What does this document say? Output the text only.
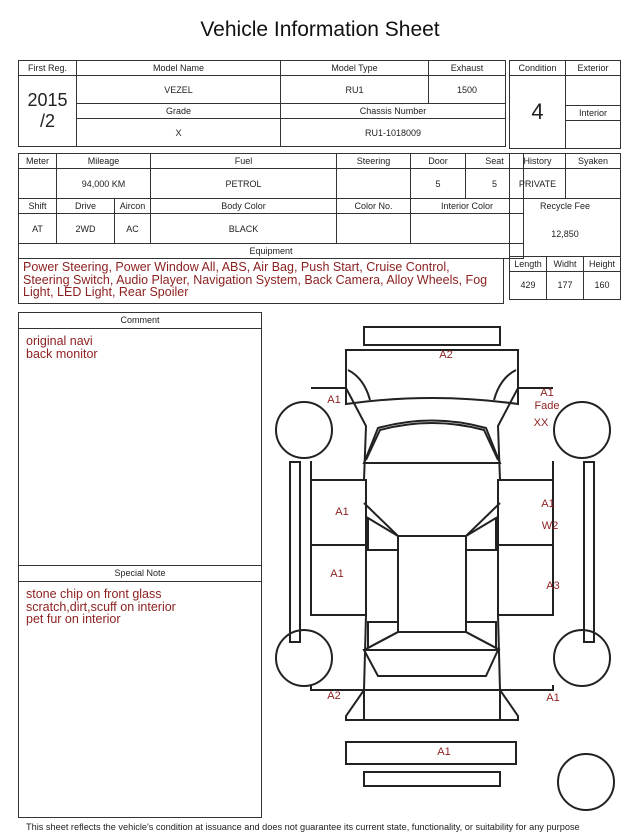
Vehicle Information Sheet
First Reg.	Model Name	Model Type	Exhaust

2015
/2	VEZEL	RU1	1500
	Grade	Chassis Number	
	X	RU1-1018009	
Condition	Exterior
4	
	Interior

Meter	Mileage		Fuel	Steering	Door	Seat
	94,000 KM		PETROL		5	5
Shift	Drive	Aircon	Body Color	Color No.	Interior Color	
AT	2WD	AC	BLACK			
Equipment						
Power Steering, Power Window All, ABS, Air Bag, Push Start, Cruise Control, Steering Switch, Audio Player, Navigation System, Back Camera, Alloy Wheels, Fog Light, LED Light, Rear Spoiler
History		Syaken	
PRIVATE			
Recycle Fee			
12,850			
Length	Widht		Height
429	177		160
Comment
original navi
back monitor
Special Note
stone chip on front glass
scratch,dirt,scuff on interior
pet fur on interior
A2
A1
A1
Fade
XX
A1
A1
A1
W2
A3
A2	A1
A1
This sheet reflects the vehicle's condition at issuance and does not guarantee its current state, functionality, or suitability for any purpose
